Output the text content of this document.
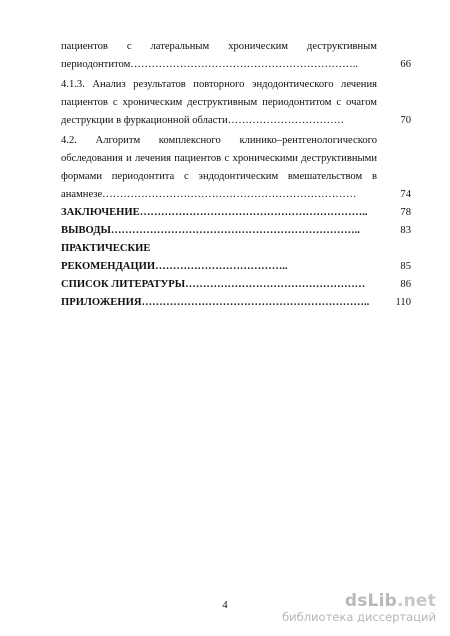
пациентов с латеральным хроническим деструктивным
периодонтитом………………………………………………………..	66
4.1.3. Анализ результатов повторного эндодонтического лечения
пациентов с хроническим деструктивным периодонтитом с очагом
деструкции в фуркационной области……………………………	70
4.2. Алгоритм комплексного клинико–рентгенологического
обследования и лечения пациентов с хроническими деструктивными
формами периодонтита с эндодонтическим вмешательством в
анамнезе………………………………………………………………	74
ЗАКЛЮЧЕНИЕ………………………………………………………..	78
ВЫВОДЫ……………………………………………………………..	83
ПРАКТИЧЕСКИЕ РЕКОМЕНДАЦИИ………………………………..	85
СПИСОК ЛИТЕРАТУРЫ……………………………………………	86
ПРИЛОЖЕНИЯ………………………………………………………..	110
4	dsLib.net
библиотека диссертаций
